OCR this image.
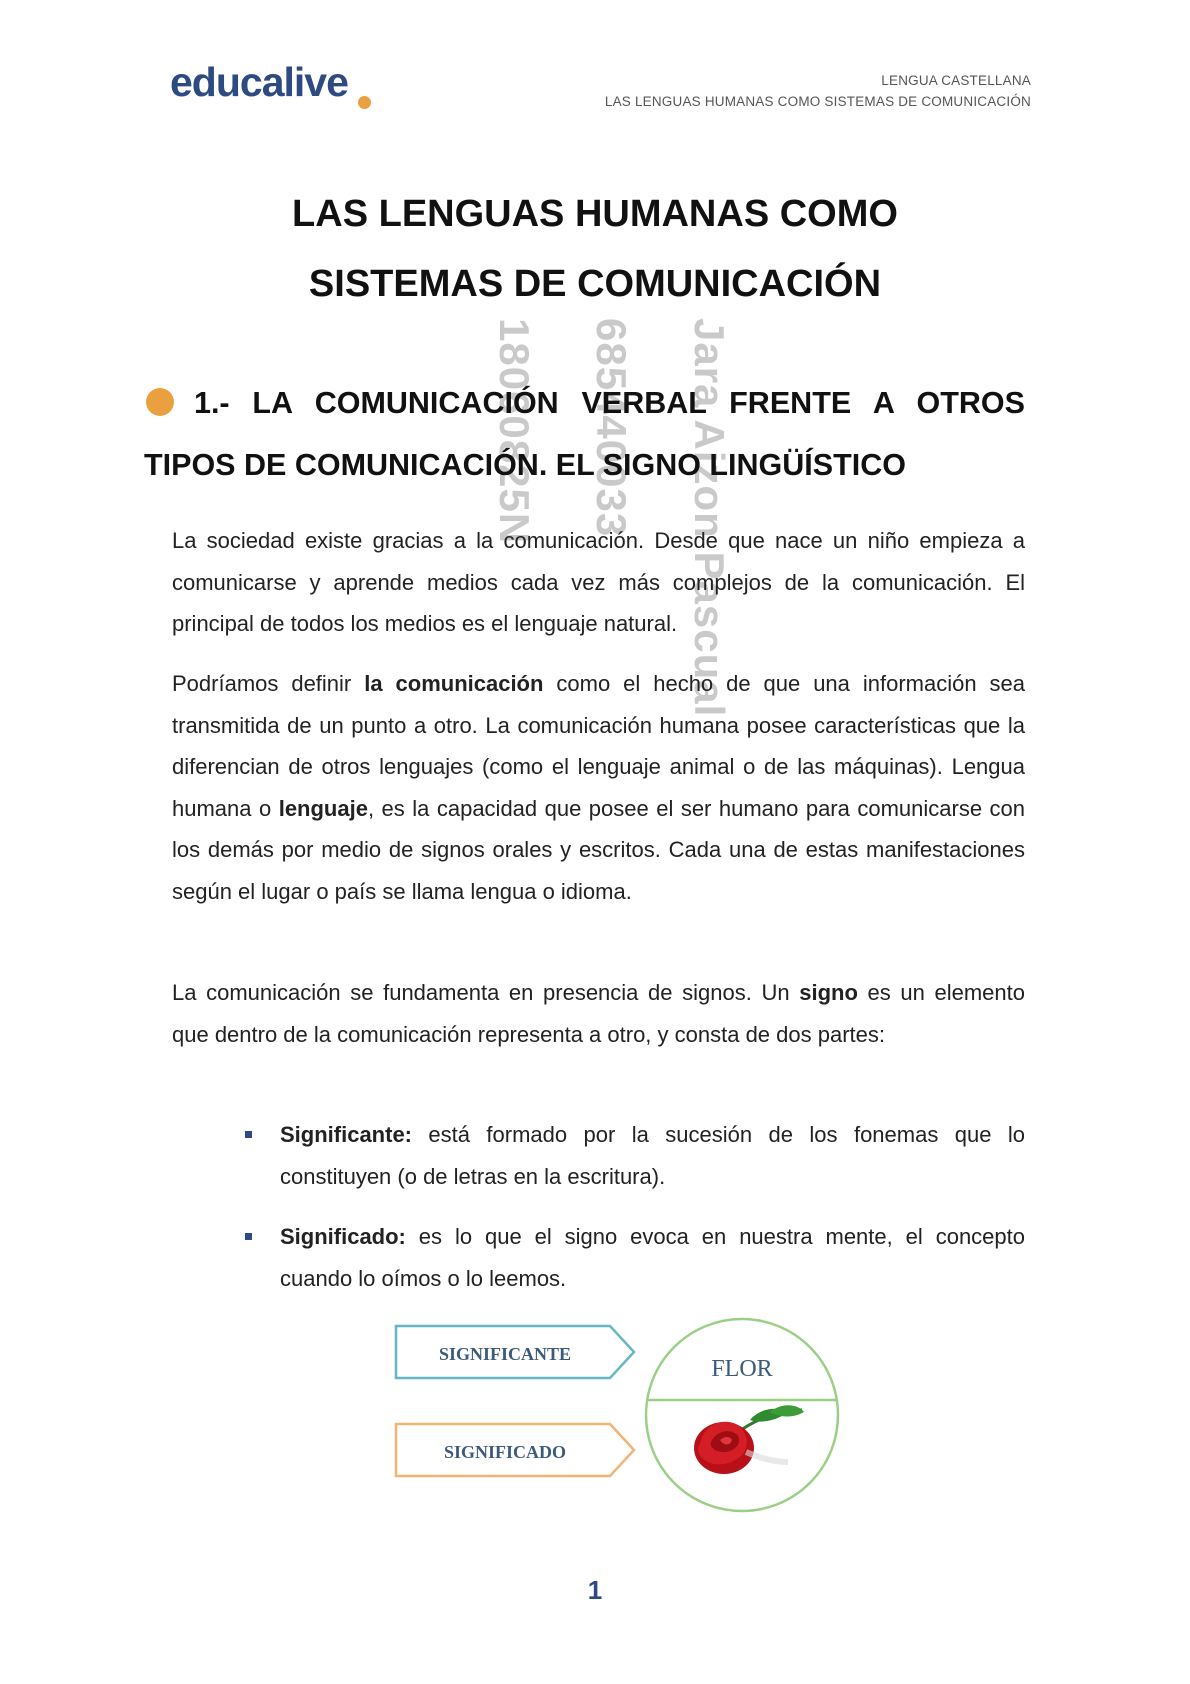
educalive	LENGUA CASTELLANA
LAS LENGUAS HUMANAS COMO SISTEMAS DE COMUNICACIÓN
LAS LENGUAS HUMANAS COMO
SISTEMAS DE COMUNICACIÓN
18060825N 685440033 Jara Aizon Pascual
1.- LA COMUNICACIÓN VERBAL FRENTE A OTROS
TIPOS DE COMUNICACIÓN. EL SIGNO LINGÜÍSTICO
La sociedad existe gracias a la comunicación. Desde que nace un niño empieza a comunicarse y aprende medios cada vez más complejos de la comunicación. El principal de todos los medios es el lenguaje natural.
Podríamos definir la comunicación como el hecho de que una información sea transmitida de un punto a otro. La comunicación humana posee características que la diferencian de otros lenguajes (como el lenguaje animal o de las máquinas). Lengua humana o lenguaje, es la capacidad que posee el ser humano para comunicarse con los demás por medio de signos orales y escritos. Cada una de estas manifestaciones según el lugar o país se llama lengua o idioma.
La comunicación se fundamenta en presencia de signos. Un signo es un elemento que dentro de la comunicación representa a otro, y consta de dos partes:
Significante: está formado por la sucesión de los fonemas que lo constituyen (o de letras en la escritura).
Significado: es lo que el signo evoca en nuestra mente, el concepto cuando lo oímos o lo leemos.
SIGNIFICANTE
SIGNIFICADO
FLOR
1
